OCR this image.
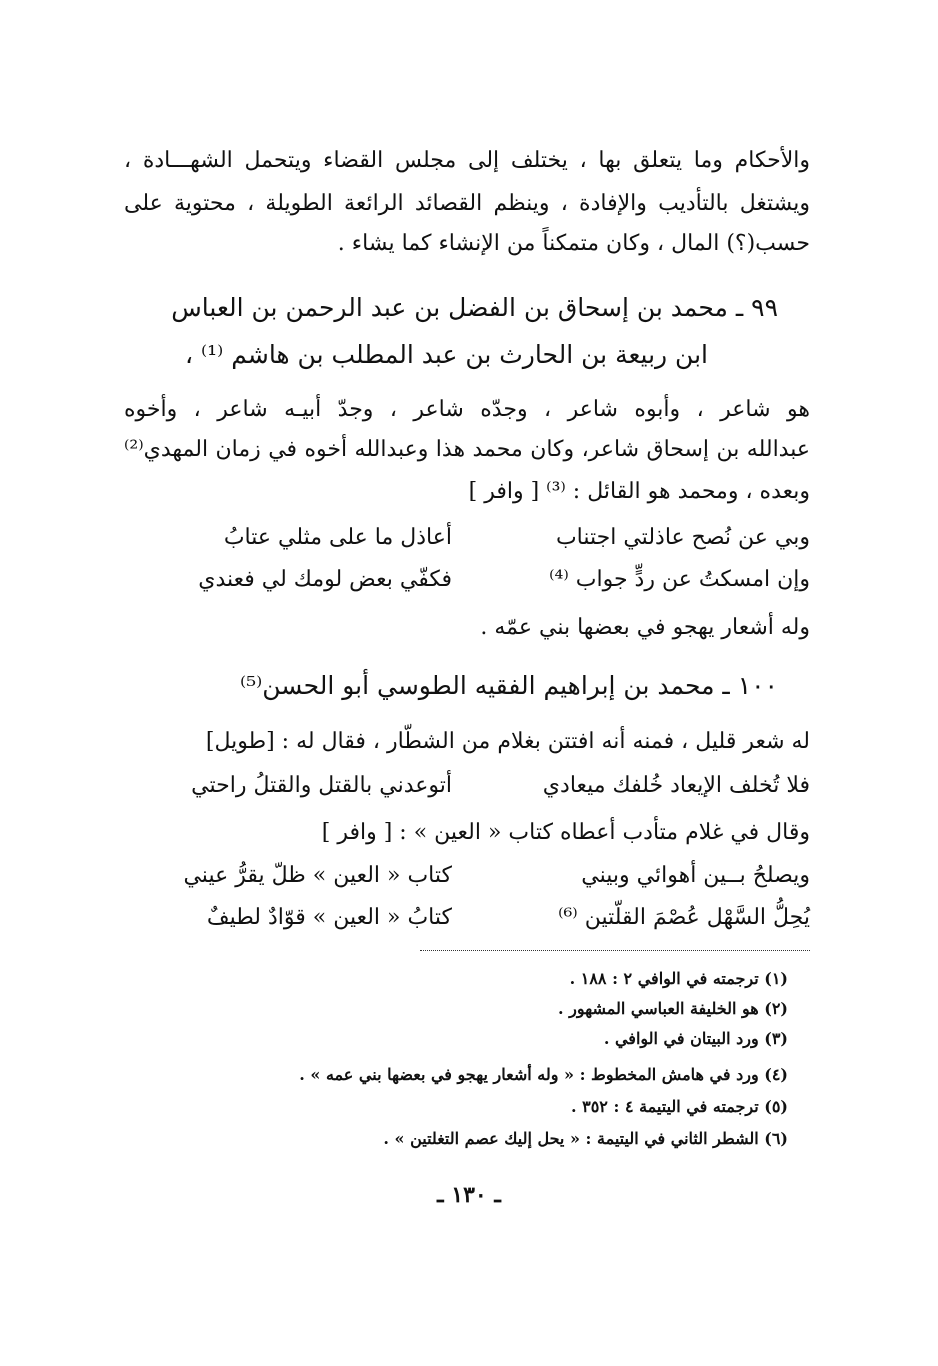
والأحكام وما يتعلق بها ، يختلف إلى مجلس القضاء ويتحمل الشهـــادة ،
ويشتغل بالتأديب والإفادة ، وينظم القصائد الرائعة الطويلة ، محتوية على
حسب(؟) المال ، وكان متمكناً من الإنشاء كما يشاء .
٩٩ ـ محمد بن إسحاق بن الفضل بن عبد الرحمن بن العباس
ابن ربيعة بن الحارث بن عبد المطلب بن هاشم ⁽¹⁾ ،
هو شاعر ، وأبوه شاعر ، وجدّه شاعر ، وجدّ أبيـه شاعر ، وأخوه
عبدالله بن إسحاق شاعر، وكان محمد هذا وعبدالله أخوه في زمان المهدي⁽²⁾
وبعده ، ومحمد هو القائل : ⁽³⁾ [ وافر ]
أعاذل ما على مثلي عتابُ	وبي عن نُصح عاذلتي اجتناب
فكفّي بعض لومك لي فعندي	وإن امسكتُ عن ردٍّ جواب ⁽⁴⁾
وله أشعار يهجو في بعضها بني عمّه .
١٠٠ ـ محمد بن إبراهيم الفقيه الطوسي أبو الحسن⁽⁵⁾
له شعر قليل ، فمنه أنه افتتن بغلام من الشطّار ، فقال له : [طويل]
أتوعدني بالقتل والقتلُ راحتي	فلا تُخلف الإيعاد خُلفك ميعادي
وقال في غلام متأدب أعطاه كتاب « العين » : [ وافر ]
كتاب « العين » ظلّ يقرُّ عيني	ويصلحُ بــين أهوائي وبيني
كتابُ « العين » قوّادٌ لطيفٌ	يُحِلُّ السَّهْل عُصْمَ القلّتين ⁽⁶⁾
(١) ترجمته في الوافي ٢ : ١٨٨ .
(٢) هو الخليفة العباسي المشهور .
(٣) ورد البيتان في الوافي .
(٤) ورد في هامش المخطوط : « وله أشعار يهجو في بعضها بني عمه » .
(٥) ترجمته في اليتيمة ٤ : ٣٥٢ .
(٦) الشطر الثاني في اليتيمة : « يحل إليك عصم التغلتين » .
ـ ١٣٠ ـ
